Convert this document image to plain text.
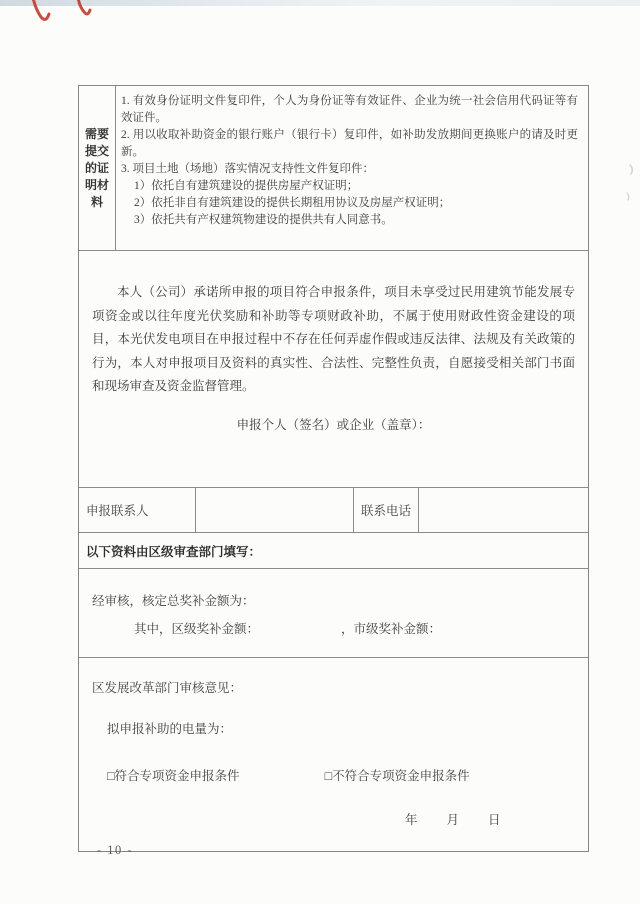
需要
提交
的证
明材
料
1. 有效身份证明文件复印件，个人为身份证等有效证件、企业为统一社会信用代码证等有效证件。
2. 用以收取补助资金的银行账户（银行卡）复印件，如补助发放期间更换账户的请及时更新。
3. 项目土地（场地）落实情况支持性文件复印件：
1）依托自有建筑建设的提供房屋产权证明；
2）依托非自有建筑建设的提供长期租用协议及房屋产权证明；
3）依托共有产权建筑物建设的提供共有人同意书。

本人（公司）承诺所申报的项目符合申报条件，项目未享受过民用建筑节能发展专项资金或以往年度光伏奖励和补助等专项财政补助，不属于使用财政性资金建设的项目，本光伏发电项目在申报过程中不存在任何弄虚作假或违反法律、法规及有关政策的行为，本人对申报项目及资料的真实性、合法性、完整性负责，自愿接受相关部门书面和现场审查及资金监督管理。

申报个人（签名）或企业（盖章）：
申报联系人	联系电话
以下资料由区级审查部门填写：
经审核，核定总奖补金额为：
其中，区级奖补金额：	，市级奖补金额：
区发展改革部门审核意见：
拟申报补助的电量为：
□符合专项资金申报条件	□不符合专项资金申报条件
年 月 日
- 10 -
